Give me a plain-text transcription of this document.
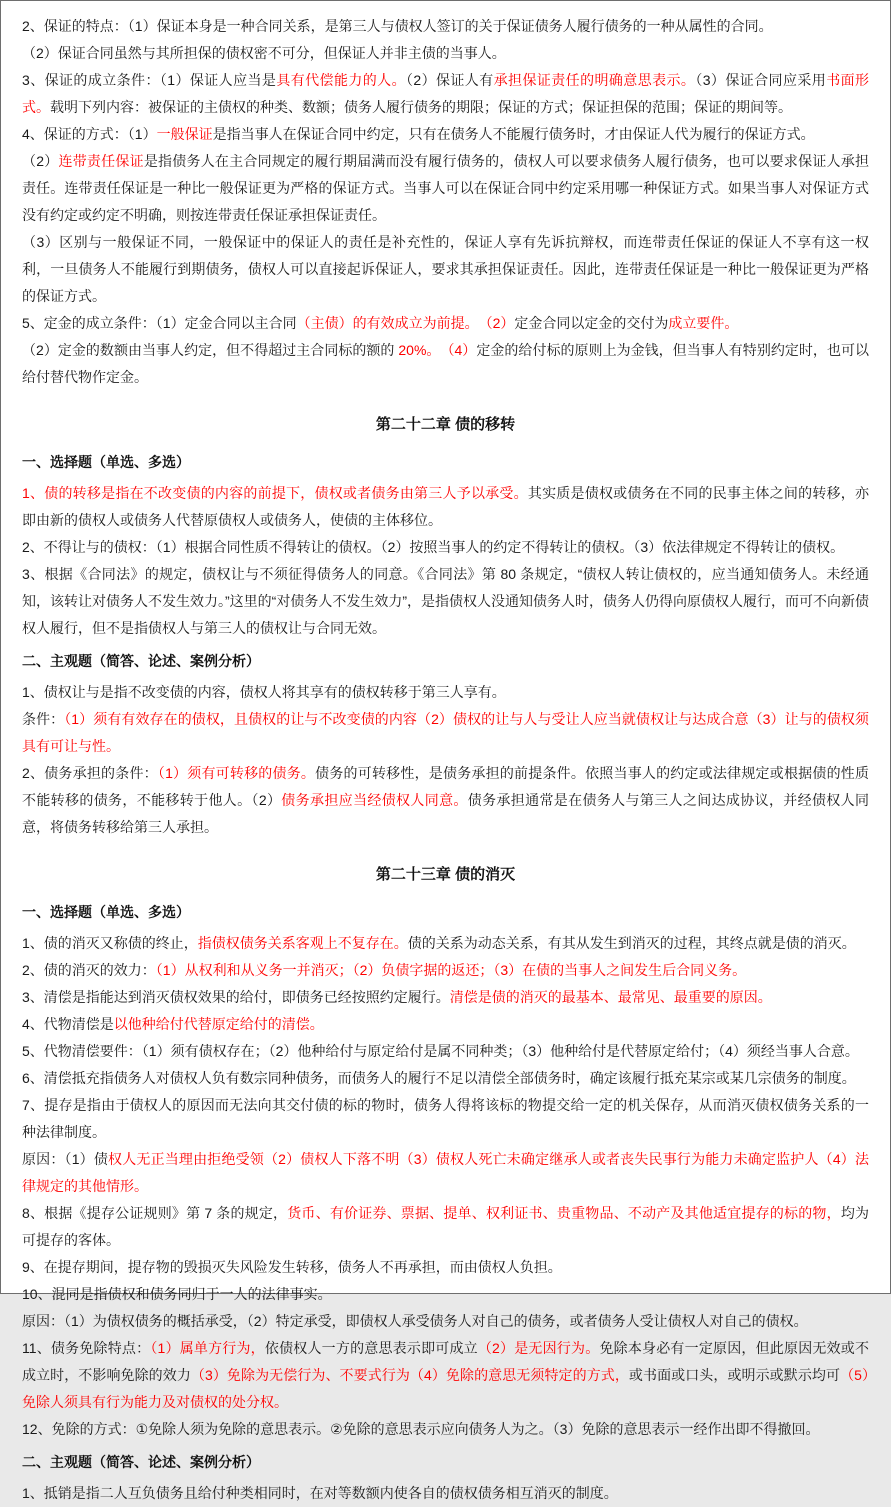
2、保证的特点：（1）保证本身是一种合同关系，是第三人与债权人签订的关于保证债务人履行债务的一种从属性的合同。

（2）保证合同虽然与其所担保的债权密不可分，但保证人并非主债的当事人。

3、保证的成立条件：（1）保证人应当是具有代偿能力的人。（2）保证人有承担保证责任的明确意思表示。（3）保证合同应采用书面形式。载明下列内容：被保证的主债权的种类、数额；债务人履行债务的期限；保证的方式；保证担保的范围；保证的期间等。

4、保证的方式：（1）一般保证是指当事人在保证合同中约定，只有在债务人不能履行债务时，才由保证人代为履行的保证方式。

（2）连带责任保证是指债务人在主合同规定的履行期届满而没有履行债务的，债权人可以要求债务人履行债务，也可以要求保证人承担责任。连带责任保证是一种比一般保证更为严格的保证方式。当事人可以在保证合同中约定采用哪一种保证方式。如果当事人对保证方式没有约定或约定不明确，则按连带责任保证承担保证责任。

（3）区别与一般保证不同，一般保证中的保证人的责任是补充性的，保证人享有先诉抗辩权，而连带责任保证的保证人不享有这一权利，一旦债务人不能履行到期债务，债权人可以直接起诉保证人，要求其承担保证责任。因此，连带责任保证是一种比一般保证更为严格的保证方式。

5、定金的成立条件：（1）定金合同以主合同（主债）的有效成立为前提。　（2）定金合同以定金的交付为成立要件。

（2）定金的数额由当事人约定，但不得超过主合同标的额的 20%。　（4）定金的给付标的原则上为金钱，但当事人有特别约定时，也可以给付替代物作定金。

第二十二章 债的移转
一、选择题（单选、多选）

1、债的转移是指在不改变债的内容的前提下，债权或者债务由第三人予以承受。其实质是债权或债务在不同的民事主体之间的转移，亦即由新的债权人或债务人代替原债权人或债务人，使债的主体移位。

2、不得让与的债权：（1）根据合同性质不得转让的债权。（2）按照当事人的约定不得转让的债权。（3）依法律规定不得转让的债权。

3、根据《合同法》的规定，债权让与不须征得债务人的同意。《合同法》第 80 条规定，“债权人转让债权的，应当通知债务人。未经通知，该转让对债务人不发生效力。”这里的“对债务人不发生效力”，是指债权人没通知债务人时，债务人仍得向原债权人履行，而可不向新债权人履行，但不是指债权人与第三人的债权让与合同无效。

二、主观题（简答、论述、案例分析）

1、债权让与是指不改变债的内容，债权人将其享有的债权转移于第三人享有。

条件：（1）须有有效存在的债权，且债权的让与不改变债的内容（2）债权的让与人与受让人应当就债权让与达成合意（3）让与的债权须具有可让与性。

2、债务承担的条件：（1）须有可转移的债务。债务的可转移性，是债务承担的前提条件。依照当事人的约定或法律规定或根据债的性质不能转移的债务，不能移转于他人。（2）债务承担应当经债权人同意。债务承担通常是在债务人与第三人之间达成协议，并经债权人同意，将债务转移给第三人承担。

第二十三章 债的消灭
一、选择题（单选、多选）

1、债的消灭又称债的终止，指债权债务关系客观上不复存在。债的关系为动态关系，有其从发生到消灭的过程，其终点就是债的消灭。

2、债的消灭的效力：（1）从权利和从义务一并消灭；（2）负债字据的返还；（3）在债的当事人之间发生后合同义务。

3、清偿是指能达到消灭债权效果的给付，即债务已经按照约定履行。清偿是债的消灭的最基本、最常见、最重要的原因。

4、代物清偿是以他种给付代替原定给付的清偿。

5、代物清偿要件：（1）须有债权存在；（2）他种给付与原定给付是属不同种类；（3）他种给付是代替原定给付；（4）须经当事人合意。

6、清偿抵充指债务人对债权人负有数宗同种债务，而债务人的履行不足以清偿全部债务时，确定该履行抵充某宗或某几宗债务的制度。

7、提存是指由于债权人的原因而无法向其交付债的标的物时，债务人得将该标的物提交给一定的机关保存，从而消灭债权债务关系的一种法律制度。

原因：（1）债权人无正当理由拒绝受领（2）债权人下落不明（3）债权人死亡未确定继承人或者丧失民事行为能力未确定监护人（4）法律规定的其他情形。

8、根据《提存公证规则》第 7 条的规定，货币、有价证券、票据、提单、权利证书、贵重物品、不动产及其他适宜提存的标的物，均为可提存的客体。

9、在提存期间，提存物的毁损灭失风险发生转移，债务人不再承担，而由债权人负担。

10、混同是指债权和债务同归于一人的法律事实。

原因：（1）为债权债务的概括承受，（2）特定承受，即债权人承受债务人对自己的债务，或者债务人受让债权人对自己的债权。

11、债务免除特点：（1）属单方行为，依债权人一方的意思表示即可成立（2）是无因行为。免除本身必有一定原因，但此原因无效或不成立时，不影响免除的效力（3）免除为无偿行为、不要式行为（4）免除的意思无须特定的方式，或书面或口头，或明示或默示均可（5）免除人须具有行为能力及对债权的处分权。

12、免除的方式：①免除人须为免除的意思表示。②免除的意思表示应向债务人为之。（3）免除的意思表示一经作出即不得撤回。

二、主观题（简答、论述、案例分析）

1、抵销是指二人互负债务且给付种类相同时，在对等数额内使各自的债权债务相互消灭的制度。
